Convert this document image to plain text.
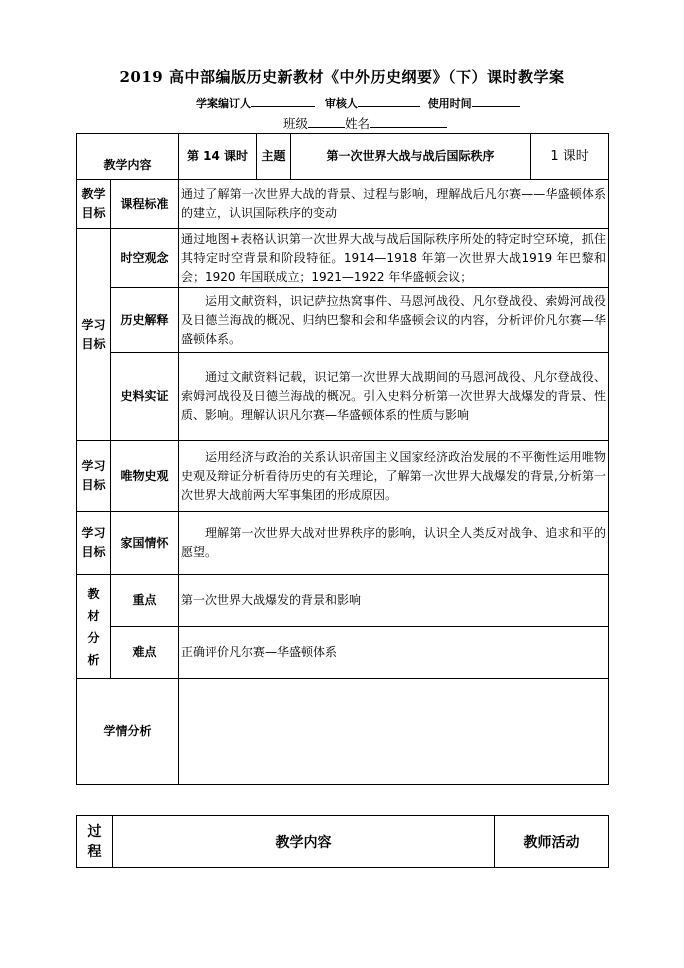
2019 高中部编版历史新教材《中外历史纲要》（下）课时教学案
学案编订人	审核人	使用时间
班级	姓名
教学内容		第 14 课时	主题	第一次世界大战与战后国际秩序	1 课时
教学目标	课程标准	通过了解第一次世界大战的背景、过程与影响，理解战后凡尔赛——华盛顿体系的建立，认识国际秩序的变动			
学习目标	时空观念	通过地图+表格认识第一次世界大战与战后国际秩序所处的特定时空环境，抓住其特定时空背景和阶段特征。1914—1918 年第一次世界大战1919 年巴黎和会；1920 年国联成立；1921—1922 年华盛顿会议；			
	历史解释	运用文献资料，识记萨拉热窝事件、马恩河战役、凡尔登战役、索姆河战役及日德兰海战的概况、归纳巴黎和会和华盛顿会议的内容，分析评价凡尔赛—华盛顿体系。			
	史料实证	通过文献资料记载，识记第一次世界大战期间的马恩河战役、凡尔登战役、索姆河战役及日德兰海战的概况。引入史料分析第一次世界大战爆发的背景、性质、影响。理解认识凡尔赛—华盛顿体系的性质与影响			
学习目标	唯物史观	运用经济与政治的关系认识帝国主义国家经济政治发展的不平衡性运用唯物史观及辩证分析看待历史的有关理论，了解第一次世界大战爆发的背景,分析第一次世界大战前两大军事集团的形成原因。			
学习目标	家国情怀	理解第一次世界大战对世界秩序的影响，认识全人类反对战争、追求和平的愿望。			
教
材
分
析	重点	第一次世界大战爆发的背景和影响			
	难点	正确评价凡尔赛—华盛顿体系			
学情分析					
过
程	教学内容	教师活动
